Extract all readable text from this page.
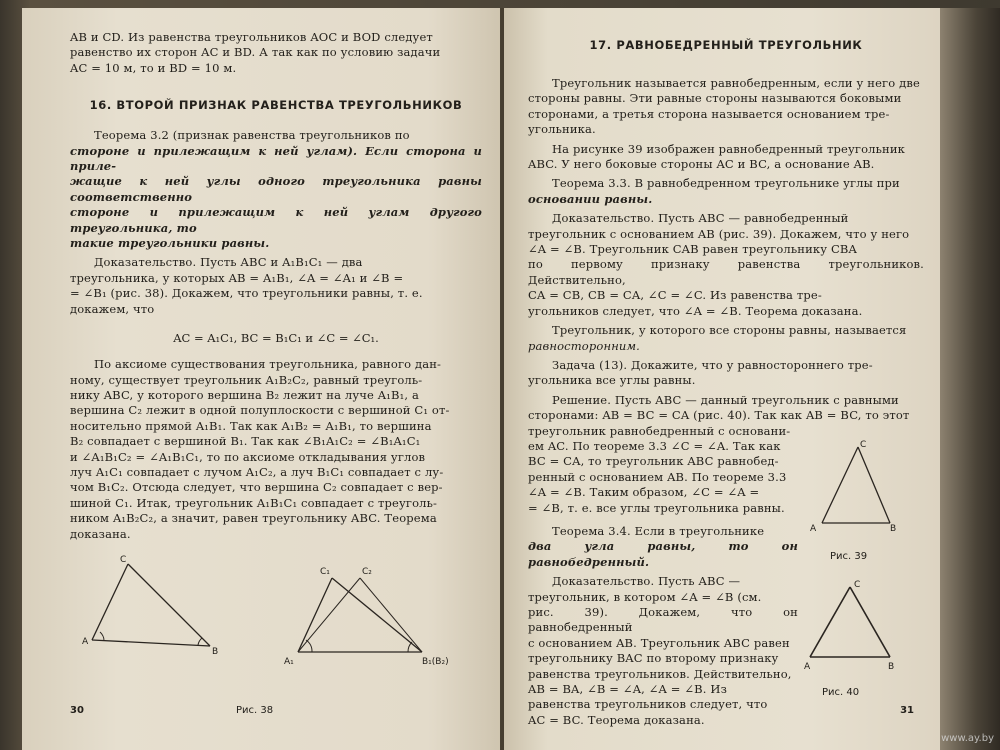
AB и CD. Из равенства треугольников AOC и BOD следует
равенство их сторон AC и BD. А так как по условию задачи
AC = 10 м, то и BD = 10 м.
16. ВТОРОЙ ПРИЗНАК РАВЕНСТВА ТРЕУГОЛЬНИКОВ
Теорема 3.2 (признак равенства треугольников по
стороне и прилежащим к ней углам). Если сторона и приле-
жащие к ней углы одного треугольника равны соответственно
стороне и прилежащим к ней углам другого треугольника, то
такие треугольники равны.
Доказательство. Пусть ABC и A₁B₁C₁ — два
треугольника, у которых AB = A₁B₁, ∠A = ∠A₁ и ∠B =
= ∠B₁ (рис. 38). Докажем, что треугольники равны, т. е.
докажем, что
AC = A₁C₁, BC = B₁C₁ и ∠C = ∠C₁.
По аксиоме существования треугольника, равного дан-
ному, существует треугольник A₁B₂C₂, равный треуголь-
нику ABC, у которого вершина B₂ лежит на луче A₁B₁, а
вершина C₂ лежит в одной полуплоскости с вершиной C₁ от-
носительно прямой A₁B₁. Так как A₁B₂ = A₁B₁, то вершина
B₂ совпадает с вершиной B₁. Так как ∠B₁A₁C₂ = ∠B₁A₁C₁
и ∠A₁B₁C₂ = ∠A₁B₁C₁, то по аксиоме откладывания углов
луч A₁C₁ совпадает с лучом A₁C₂, а луч B₁C₁ совпадает с лу-
чом B₁C₂. Отсюда следует, что вершина C₂ совпадает с вер-
шиной C₁. Итак, треугольник A₁B₁C₁ совпадает с треуголь-
ником A₁B₂C₂, а значит, равен треугольнику ABC. Теорема
доказана.
C
A
B
C₁	C₂
A₁	B₁(B₂)
Рис. 38
30
17. РАВНОБЕДРЕННЫЙ ТРЕУГОЛЬНИК
Треугольник называется равнобедренным, если у него две
стороны равны. Эти равные стороны называются боковыми
сторонами, а третья сторона называется основанием тре-
угольника.
На рисунке 39 изображен равнобедренный треугольник
ABC. У него боковые стороны AC и BC, а основание AB.
Теорема 3.3. В равнобедренном треугольнике углы при
основании равны.
Доказательство. Пусть ABC — равнобедренный
треугольник с основанием AB (рис. 39). Докажем, что у него
∠A = ∠B. Треугольник CAB равен треугольнику CBA
по первому признаку равенства треугольников. Действительно,
CA = CB, CB = CA, ∠C = ∠C. Из равенства тре-
угольников следует, что ∠A = ∠B. Теорема доказана.
Треугольник, у которого все стороны равны, называется
равносторонним.
Задача (13). Докажите, что у равностороннего тре-
угольника все углы равны.
Решение. Пусть ABC — данный треугольник с равными
сторонами: AB = BC = CA (рис. 40). Так как AB = BC, то этот
треугольник равнобедренный с основани-
ем AC. По теореме 3.3 ∠C = ∠A. Так как
BC = CA, то треугольник ABC равнобед-
ренный с основанием AB. По теореме 3.3
∠A = ∠B. Таким образом, ∠C = ∠A =
= ∠B, т. е. все углы треугольника равны.
Теорема 3.4. Если в треугольнике
два угла равны, то он равнобедренный.
Доказательство. Пусть ABC —
треугольник, в котором ∠A = ∠B (см.
рис. 39). Докажем, что он равнобедренный
с основанием AB. Треугольник ABC равен
треугольнику BAC по второму признаку
равенства треугольников. Действительно,
AB = BA, ∠B = ∠A, ∠A = ∠B. Из
равенства треугольников следует, что
AC = BC. Теорема доказана.
C
A	B
C
A	B
Рис. 39
Рис. 40
31
www.ay.by
